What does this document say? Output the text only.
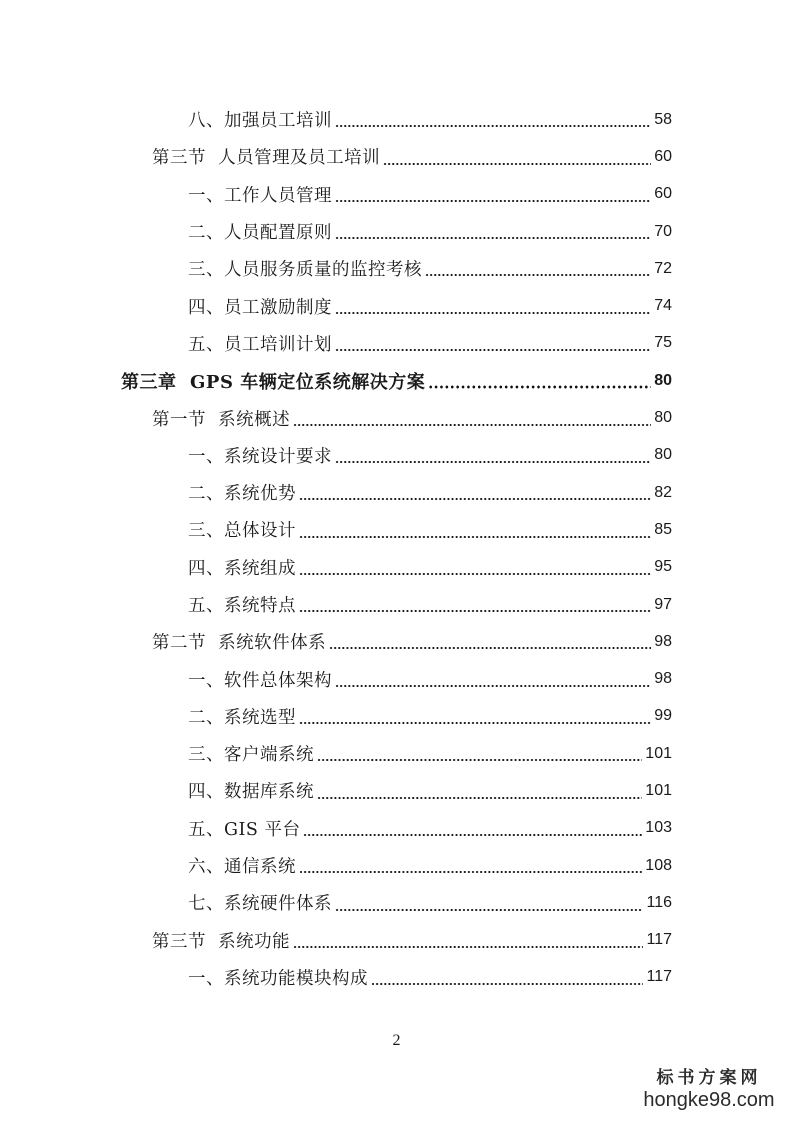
八、加强员工培训	58
第三节  人员管理及员工培训	60
一、工作人员管理	60
二、人员配置原则	70
三、人员服务质量的监控考核	72
四、员工激励制度	74
五、员工培训计划	75
第三章  GPS 车辆定位系统解决方案	80
第一节  系统概述	80
一、系统设计要求	80
二、系统优势	82
三、总体设计	85
四、系统组成	95
五、系统特点	97
第二节  系统软件体系	98
一、软件总体架构	98
二、系统选型	99
三、客户端系统	101
四、数据库系统	101
五、GIS 平台	103
六、通信系统	108
七、系统硬件体系	116
第三节  系统功能	117
一、系统功能模块构成	117
2
标书方案网
hongke98.com
